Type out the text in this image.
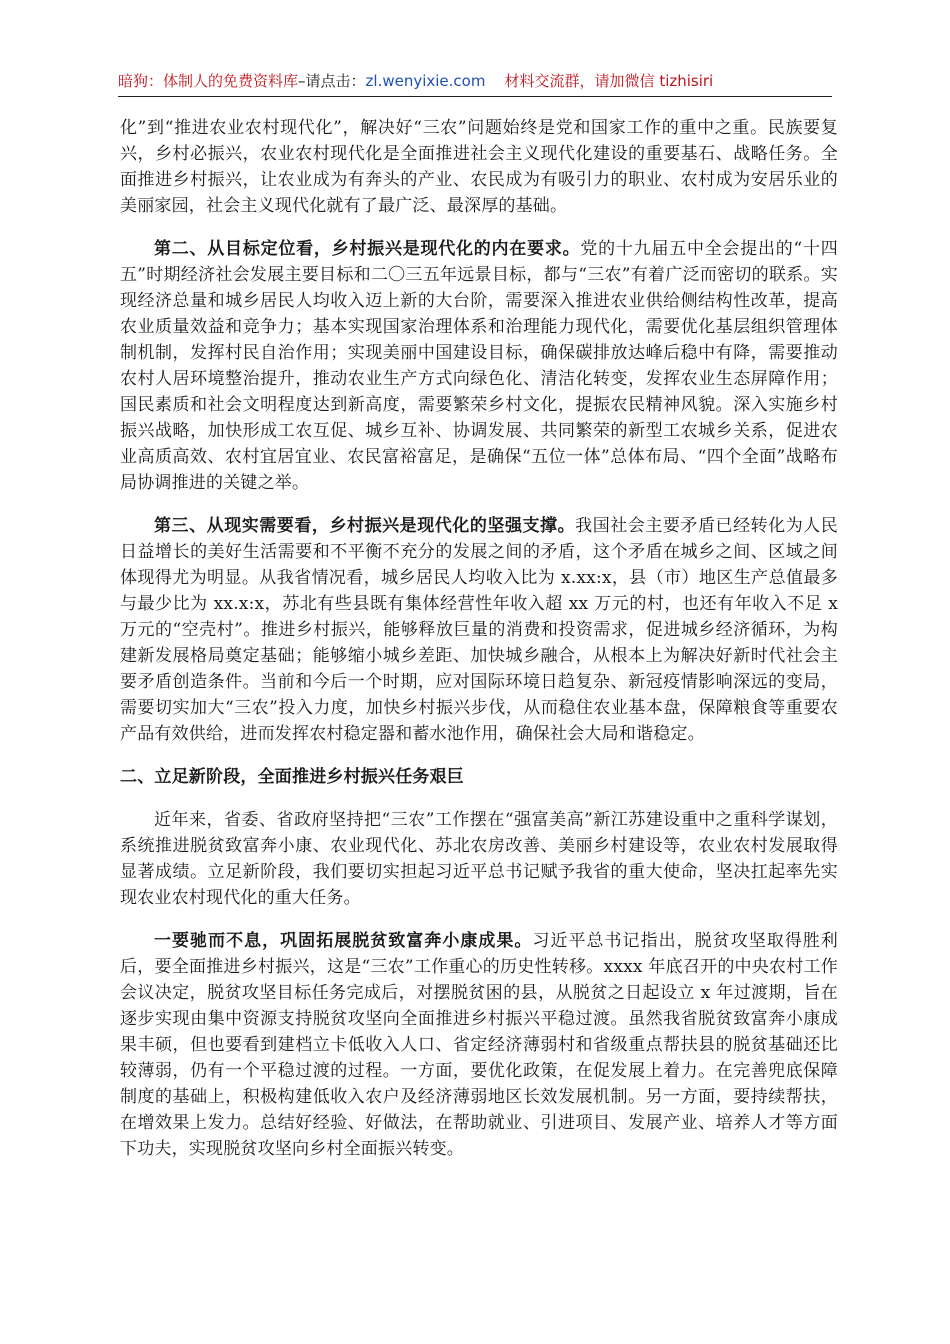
暗狗：体制人的免费资料库–请点击：zl.wenyixie.com 材料交流群，请加微信 tizhisiri

化”到“推进农业农村现代化”，解决好“三农”问题始终是党和国家工作的重中之重。民族要复兴，乡村必振兴，农业农村现代化是全面推进社会主义现代化建设的重要基石、战略任务。全面推进乡村振兴，让农业成为有奔头的产业、农民成为有吸引力的职业、农村成为安居乐业的美丽家园，社会主义现代化就有了最广泛、最深厚的基础。

第二、从目标定位看，乡村振兴是现代化的内在要求。党的十九届五中全会提出的“十四五”时期经济社会发展主要目标和二〇三五年远景目标，都与“三农”有着广泛而密切的联系。实现经济总量和城乡居民人均收入迈上新的大台阶，需要深入推进农业供给侧结构性改革，提高农业质量效益和竞争力；基本实现国家治理体系和治理能力现代化，需要优化基层组织管理体制机制，发挥村民自治作用；实现美丽中国建设目标，确保碳排放达峰后稳中有降，需要推动农村人居环境整治提升，推动农业生产方式向绿色化、清洁化转变，发挥农业生态屏障作用；国民素质和社会文明程度达到新高度，需要繁荣乡村文化，提振农民精神风貌。深入实施乡村振兴战略，加快形成工农互促、城乡互补、协调发展、共同繁荣的新型工农城乡关系，促进农业高质高效、农村宜居宜业、农民富裕富足，是确保“五位一体”总体布局、“四个全面”战略布局协调推进的关键之举。

第三、从现实需要看，乡村振兴是现代化的坚强支撑。我国社会主要矛盾已经转化为人民日益增长的美好生活需要和不平衡不充分的发展之间的矛盾，这个矛盾在城乡之间、区域之间体现得尤为明显。从我省情况看，城乡居民人均收入比为 x.xx:x，县（市）地区生产总值最多与最少比为 xx.x:x，苏北有些县既有集体经营性年收入超 xx 万元的村，也还有年收入不足 x 万元的“空壳村”。推进乡村振兴，能够释放巨量的消费和投资需求，促进城乡经济循环，为构建新发展格局奠定基础；能够缩小城乡差距、加快城乡融合，从根本上为解决好新时代社会主要矛盾创造条件。当前和今后一个时期，应对国际环境日趋复杂、新冠疫情影响深远的变局，需要切实加大“三农”投入力度，加快乡村振兴步伐，从而稳住农业基本盘，保障粮食等重要农产品有效供给，进而发挥农村稳定器和蓄水池作用，确保社会大局和谐稳定。

二、立足新阶段，全面推进乡村振兴任务艰巨

近年来，省委、省政府坚持把“三农”工作摆在“强富美高”新江苏建设重中之重科学谋划，系统推进脱贫致富奔小康、农业现代化、苏北农房改善、美丽乡村建设等，农业农村发展取得显著成绩。立足新阶段，我们要切实担起习近平总书记赋予我省的重大使命，坚决扛起率先实现农业农村现代化的重大任务。

一要驰而不息，巩固拓展脱贫致富奔小康成果。习近平总书记指出，脱贫攻坚取得胜利后，要全面推进乡村振兴，这是“三农”工作重心的历史性转移。xxxx 年底召开的中央农村工作会议决定，脱贫攻坚目标任务完成后，对摆脱贫困的县，从脱贫之日起设立 x 年过渡期，旨在逐步实现由集中资源支持脱贫攻坚向全面推进乡村振兴平稳过渡。虽然我省脱贫致富奔小康成果丰硕，但也要看到建档立卡低收入人口、省定经济薄弱村和省级重点帮扶县的脱贫基础还比较薄弱，仍有一个平稳过渡的过程。一方面，要优化政策，在促发展上着力。在完善兜底保障制度的基础上，积极构建低收入农户及经济薄弱地区长效发展机制。另一方面，要持续帮扶，在增效果上发力。总结好经验、好做法，在帮助就业、引进项目、发展产业、培养人才等方面下功夫，实现脱贫攻坚向乡村全面振兴转变。
